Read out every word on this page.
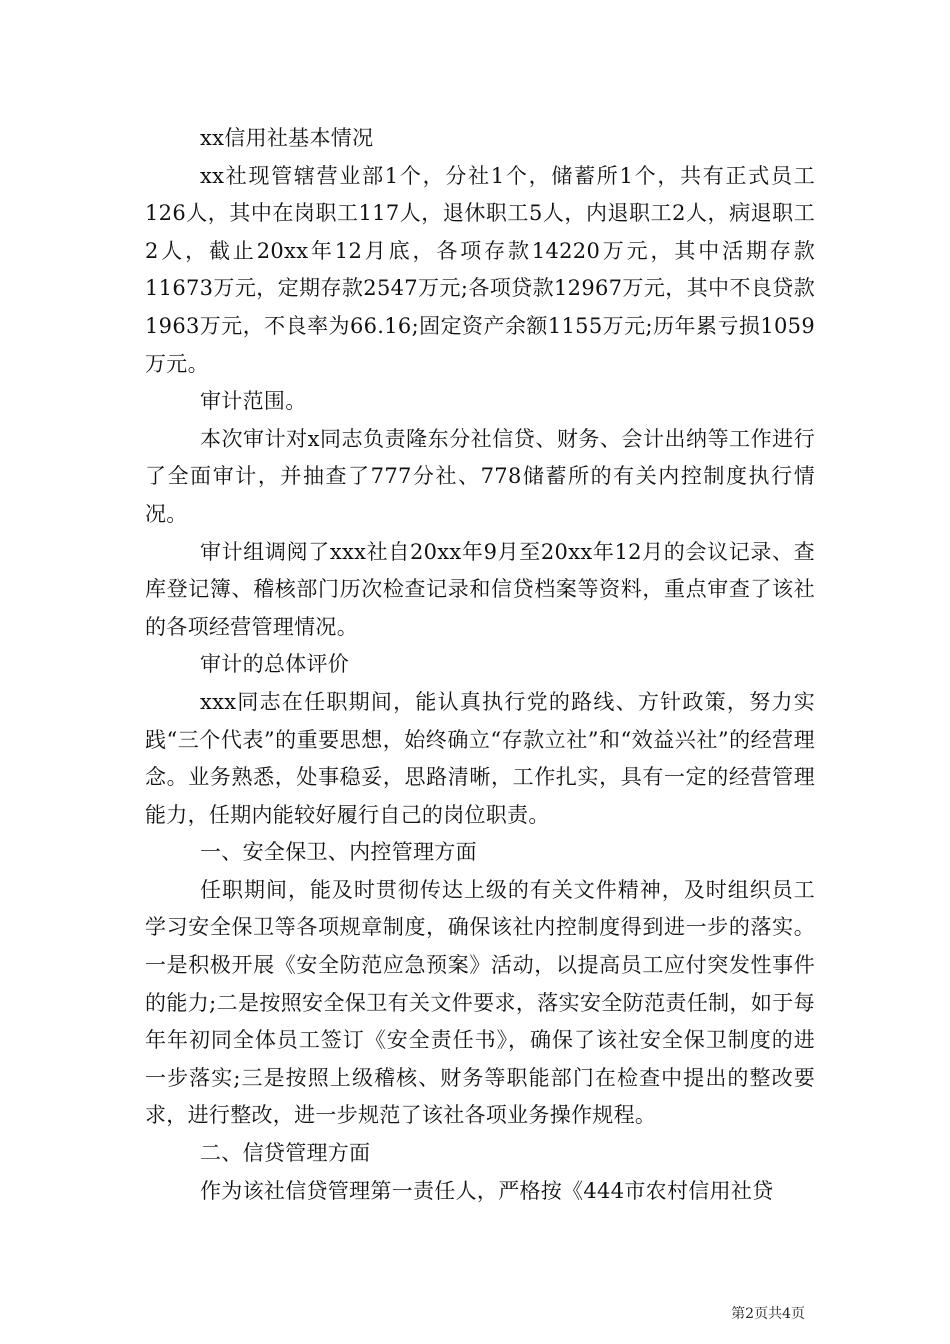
xx信用社基本情况

xx社现管辖营业部1个，分社1个，储蓄所1个，共有正式员工126人，其中在岗职工117人，退休职工5人，内退职工2人，病退职工2人，截止20xx年12月底，各项存款14220万元，其中活期存款11673万元，定期存款2547万元;各项贷款12967万元，其中不良贷款1963万元，不良率为66.16;固定资产余额1155万元;历年累亏损1059万元。

审计范围。

本次审计对x同志负责隆东分社信贷、财务、会计出纳等工作进行了全面审计，并抽查了777分社、778储蓄所的有关内控制度执行情况。

审计组调阅了xxx社自20xx年9月至20xx年12月的会议记录、查库登记簿、稽核部门历次检查记录和信贷档案等资料，重点审查了该社的各项经营管理情况。

审计的总体评价

xxx同志在任职期间，能认真执行党的路线、方针政策，努力实践“三个代表”的重要思想，始终确立“存款立社”和“效益兴社”的经营理念。业务熟悉，处事稳妥，思路清晰，工作扎实，具有一定的经营管理能力，任期内能较好履行自己的岗位职责。

一、安全保卫、内控管理方面

任职期间，能及时贯彻传达上级的有关文件精神，及时组织员工学习安全保卫等各项规章制度，确保该社内控制度得到进一步的落实。一是积极开展《安全防范应急预案》活动，以提高员工应付突发性事件的能力;二是按照安全保卫有关文件要求，落实安全防范责任制，如于每年年初同全体员工签订《安全责任书》，确保了该社安全保卫制度的进一步落实;三是按照上级稽核、财务等职能部门在检查中提出的整改要求，进行整改，进一步规范了该社各项业务操作规程。

二、信贷管理方面

作为该社信贷管理第一责任人，严格按《444市农村信用社贷

第2页共4页
